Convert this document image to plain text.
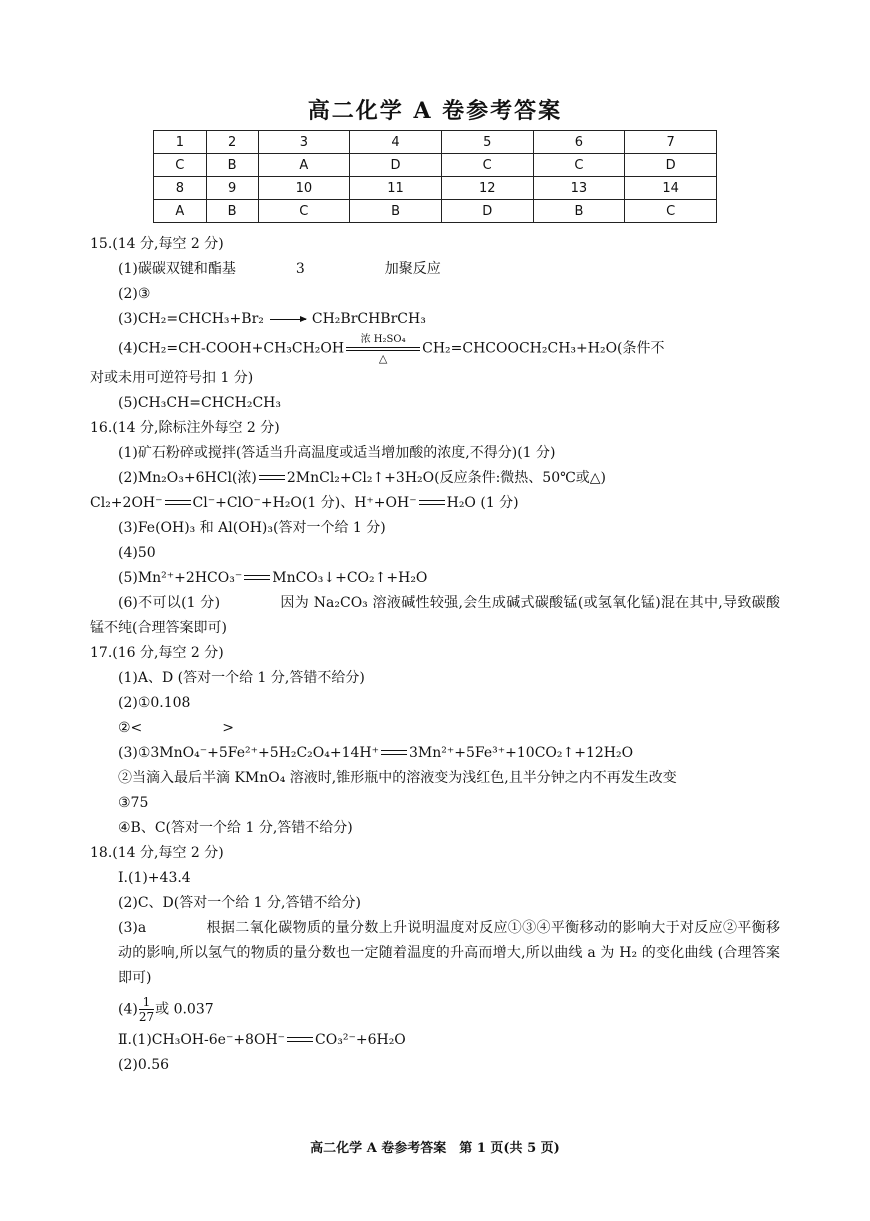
高二化学 A 卷参考答案
1	2	3	4	5	6	7
C	B	A	D	C	C	D
8	9	10	11	12	13	14
A	B	C	B	D	B	C
15.(14 分,每空 2 分)
(1)碳碳双键和酯基	3	加聚反应
(2)③
(3)CH₂=CHCH₃+Br₂ → CH₂BrCHBrCH₃
(4)CH₂=CH-COOH+CH₃CH₂OH
浓 H₂SO₄
△
CH₂=CHCOOCH₂CH₃+H₂O(条件不
对或未用可逆符号扣 1 分)
(5)CH₃CH=CHCH₂CH₃
16.(14 分,除标注外每空 2 分)
(1)矿石粉碎或搅拌(答适当升高温度或适当增加酸的浓度,不得分)(1 分)
(2)Mn₂O₃+6HCl(浓) 2MnCl₂+Cl₂↑+3H₂O(反应条件:微热、50℃或△)
Cl₂+2OH⁻ Cl⁻+ClO⁻+H₂O(1 分)、H⁺+OH⁻ H₂O (1 分)
(3)Fe(OH)₃ 和 Al(OH)₃(答对一个给 1 分)
(4)50
(5)Mn²⁺+2HCO₃⁻ MnCO₃↓+CO₂↑+H₂O
(6)不可以(1 分)	因为 Na₂CO₃ 溶液碱性较强,会生成碱式碳酸锰(或氢氧化锰)混在其中,导致碳酸锰不纯(合理答案即可)
17.(16 分,每空 2 分)
(1)A、D (答对一个给 1 分,答错不给分)
(2)①0.108
②<	>
(3)①3MnO₄⁻+5Fe²⁺+5H₂C₂O₄+14H⁺ 3Mn²⁺+5Fe³⁺+10CO₂↑+12H₂O
②当滴入最后半滴 KMnO₄ 溶液时,锥形瓶中的溶液变为浅红色,且半分钟之内不再发生改变
③75
④B、C(答对一个给 1 分,答错不给分)
18.(14 分,每空 2 分)
Ⅰ.(1)+43.4
(2)C、D(答对一个给 1 分,答错不给分)
(3)a	根据二氧化碳物质的量分数上升说明温度对反应①③④平衡移动的影响大于对反应②平衡移动的影响,所以氢气的物质的量分数也一定随着温度的升高而增大,所以曲线 a 为 H₂ 的变化曲线 (合理答案即可)
$(4) \frac{1}{27}$ 或 0.037
Ⅱ.(1)CH₃OH-6e⁻+8OH⁻ CO₃²⁻+6H₂O
(2)0.56
高二化学 A 卷参考答案　第 1 页(共 5 页)
